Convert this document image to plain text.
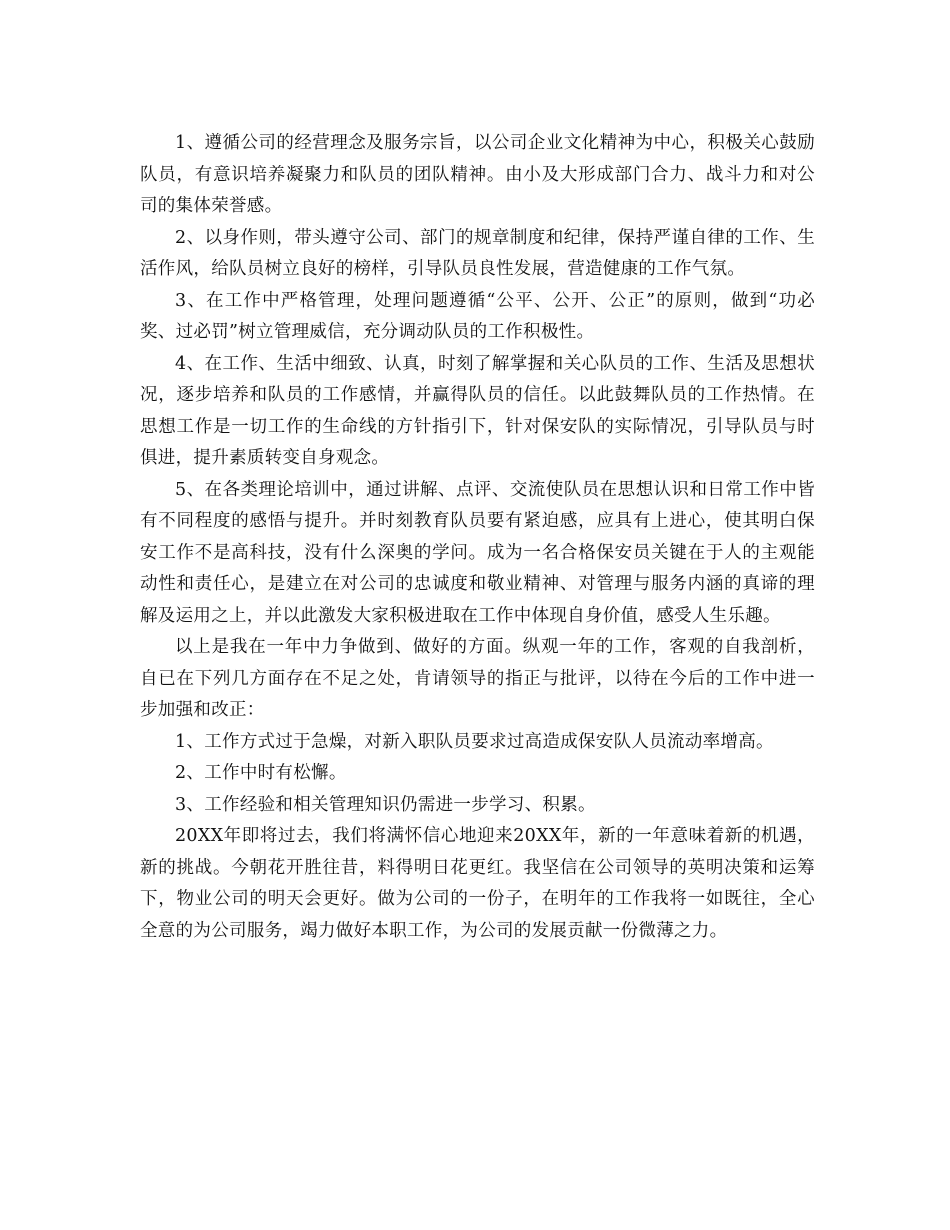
1、遵循公司的经营理念及服务宗旨，以公司企业文化精神为中心，积极关心鼓励队员，有意识培养凝聚力和队员的团队精神。由小及大形成部门合力、战斗力和对公司的集体荣誉感。

2、以身作则，带头遵守公司、部门的规章制度和纪律，保持严谨自律的工作、生活作风，给队员树立良好的榜样，引导队员良性发展，营造健康的工作气氛。

3、在工作中严格管理，处理问题遵循“公平、公开、公正”的原则，做到“功必奖、过必罚”树立管理威信，充分调动队员的工作积极性。

4、在工作、生活中细致、认真，时刻了解掌握和关心队员的工作、生活及思想状况，逐步培养和队员的工作感情，并赢得队员的信任。以此鼓舞队员的工作热情。在思想工作是一切工作的生命线的方针指引下，针对保安队的实际情况，引导队员与时俱进，提升素质转变自身观念。

5、在各类理论培训中，通过讲解、点评、交流使队员在思想认识和日常工作中皆有不同程度的感悟与提升。并时刻教育队员要有紧迫感，应具有上进心，使其明白保安工作不是高科技，没有什么深奥的学问。成为一名合格保安员关键在于人的主观能动性和责任心，是建立在对公司的忠诚度和敬业精神、对管理与服务内涵的真谛的理解及运用之上，并以此激发大家积极进取在工作中体现自身价值，感受人生乐趣。

以上是我在一年中力争做到、做好的方面。纵观一年的工作，客观的自我剖析，自已在下列几方面存在不足之处，肯请领导的指正与批评，以待在今后的工作中进一步加强和改正：

1、工作方式过于急燥，对新入职队员要求过高造成保安队人员流动率增高。

2、工作中时有松懈。

3、工作经验和相关管理知识仍需进一步学习、积累。

20XX年即将过去，我们将满怀信心地迎来20XX年，新的一年意味着新的机遇，新的挑战。今朝花开胜往昔，料得明日花更红。我坚信在公司领导的英明决策和运筹下，物业公司的明天会更好。做为公司的一份子，在明年的工作我将一如既往，全心全意的为公司服务，竭力做好本职工作，为公司的发展贡献一份微薄之力。
